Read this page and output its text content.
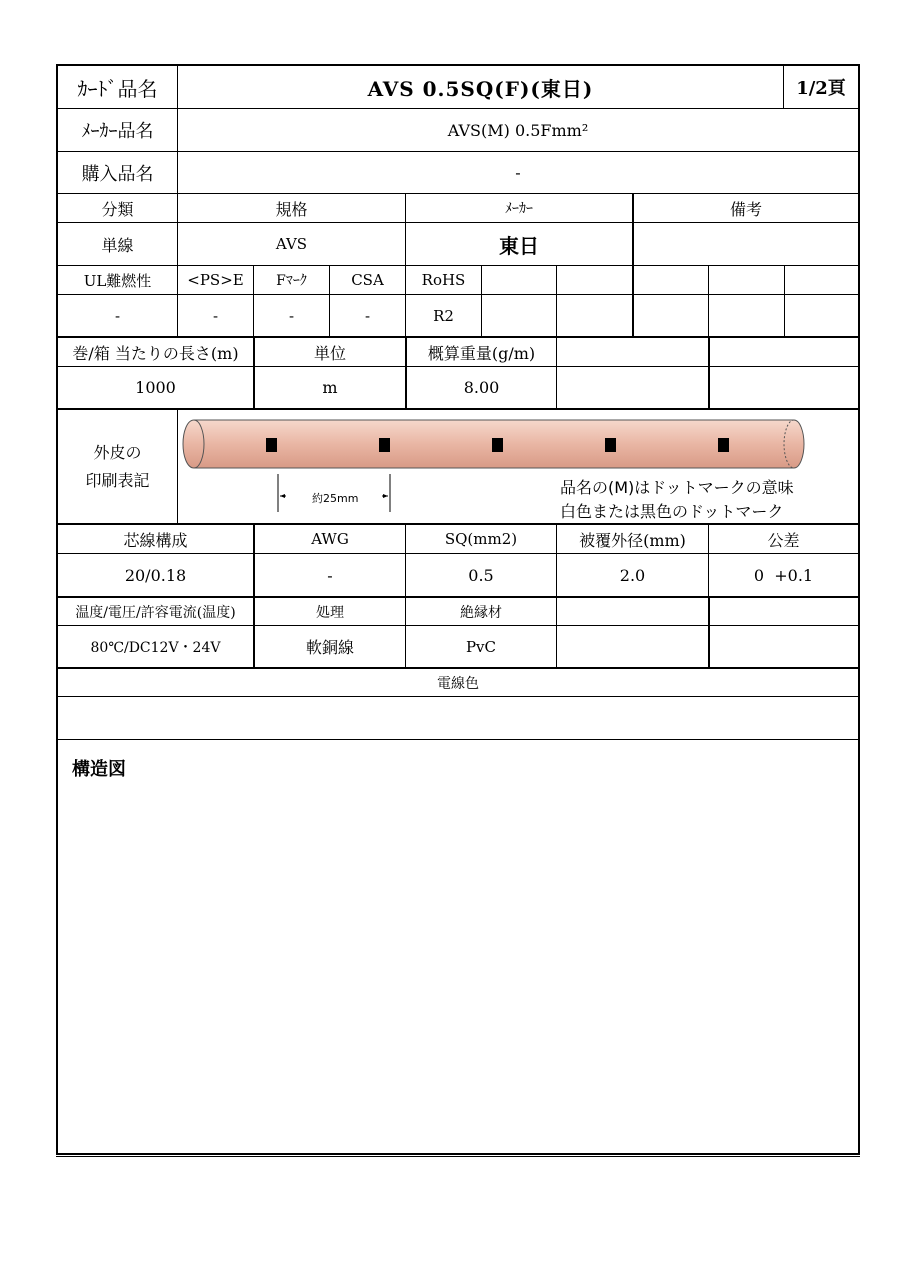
ｶｰﾄﾞ品名	AVS 0.5SQ(F)(東日)	1/2頁
ﾒｰｶｰ品名	AVS(M) 0.5Fmm²
購入品名	-
分類	規格	ﾒｰｶｰ	備考
単線	AVS	東日
UL難燃性	<PS>E	Fﾏｰｸ	CSA	RoHS
-	-	-	-	R2
巻/箱 当たりの長さ(m)	単位	概算重量(g/m)
1000	m	8.00
外皮の
印刷表記
約25mm
品名の(M)はドットマークの意味
白色または黒色のドットマーク
芯線構成	AWG	SQ(mm2)	被覆外径(mm)	公差
20/0.18	-	0.5	2.0	0  +0.1
温度/電圧/許容電流(温度)	処理	絶縁材
80℃/DC12V・24V	軟銅線	PvC
電線色
構造図
